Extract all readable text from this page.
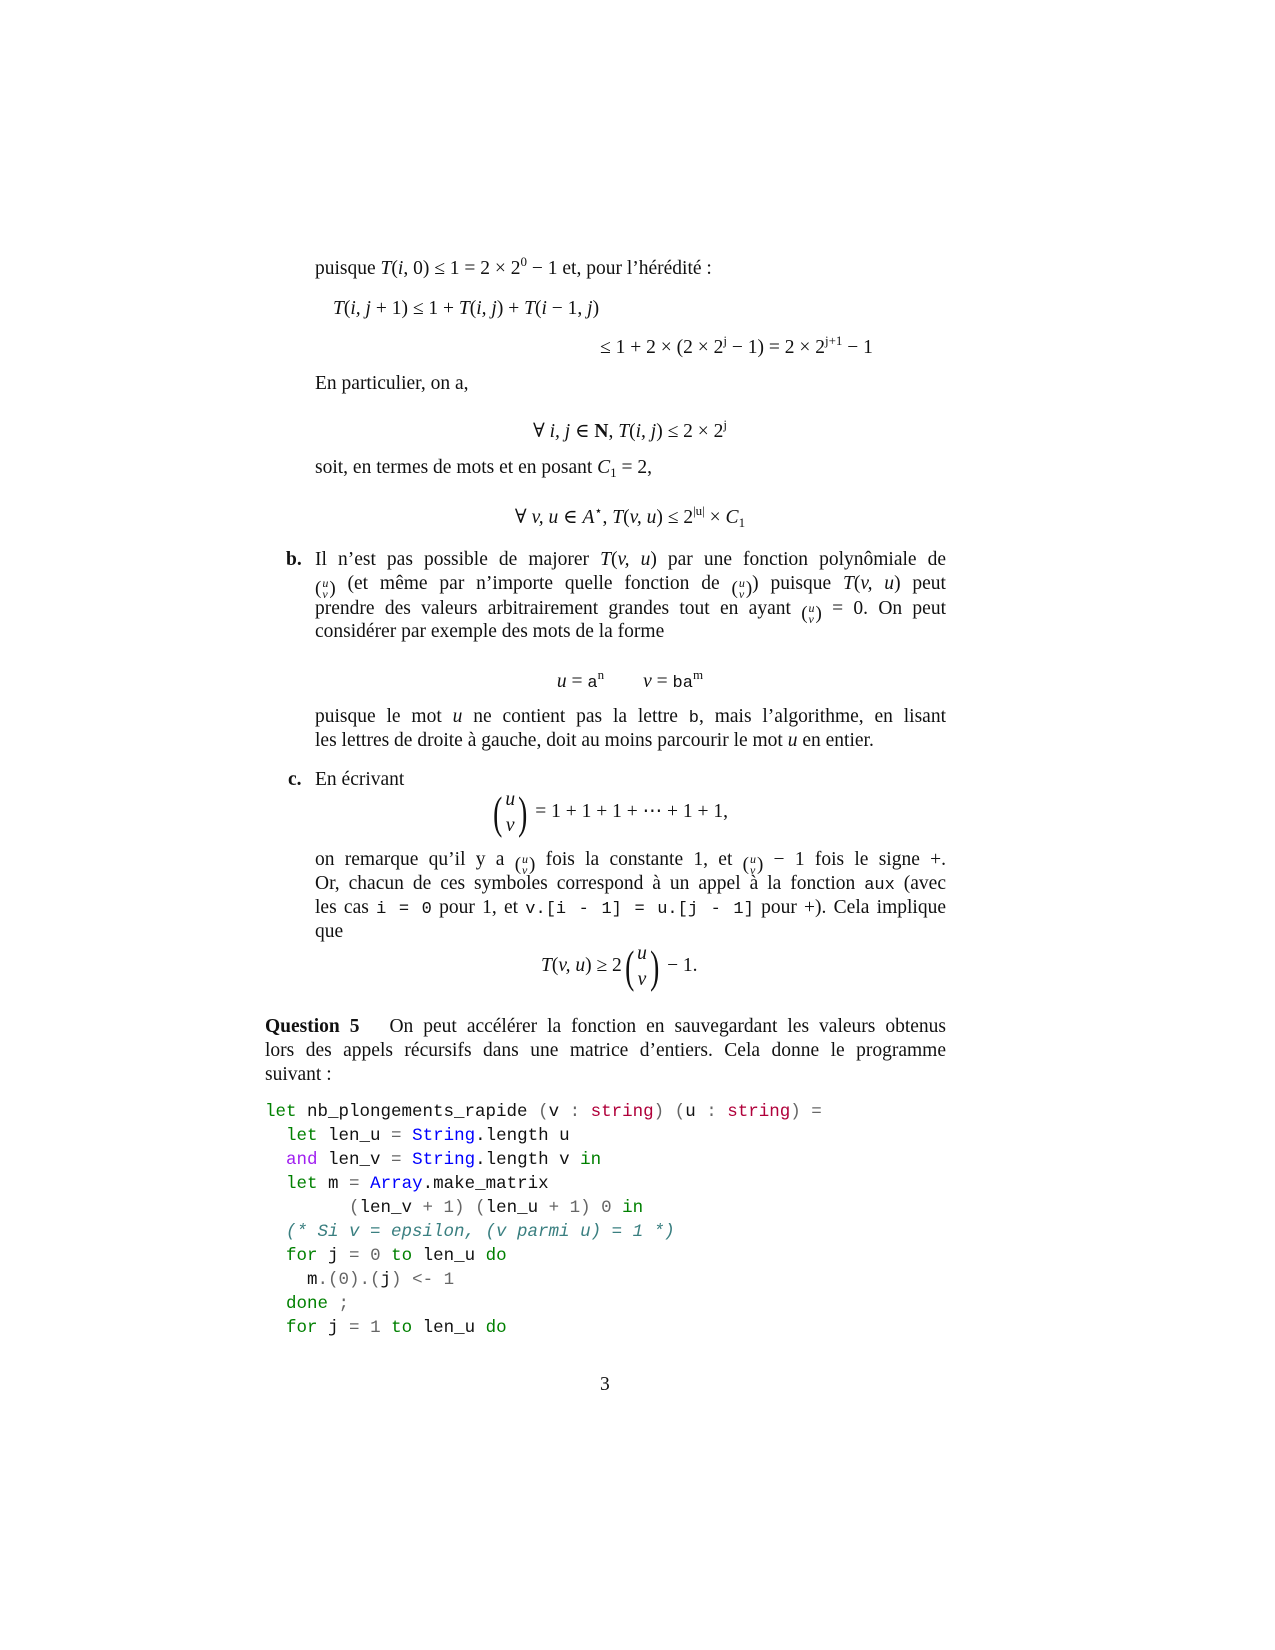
puisque T(i, $0) \le 1 = 2 \times 2^0 - 1$ et, pour l’hérédité :
T(i, j + 1) ≤ 1 + T(i, j) + T(i − 1, j)
≤ $1 + 2 \times (2 \times 2^j - 1) = 2 \times 2^{j+1} - 1$
En particulier, on a,
∀ i, j ∈ N, T(i, $j) \le 2 \times 2^j$
soit, en termes de mots et en posant $C_1 = 2$,
∀ v, u ∈ A⋆, T(v, $u) \le 2^{|u|} \times C_1$
b. Il n’est pas possible de majorer T(v, u) par une fonction polynômiale de
( u
v ) (et même par n’importe quelle fonction de ( u
v ) ) puisque T(v, u) peut
prendre des valeurs arbitrairement grandes tout en ayant ( u
v ) = 0. On peut
considérer par exemple des mots de la forme
$u = a^n$ $v = ba^m$
puisque le mot u ne contient pas la lettre b, mais l’algorithme, en lisant
les lettres de droite à gauche, doit au moins parcourir le mot u en entier.
c. En écrivant
( u
v ) = 1 + 1 + 1 + ⋯ + 1 + 1,
on remarque qu’il y a ( u
v ) fois la constante 1, et ( u
v ) − 1 fois le signe +.
Or, chacun de ces symboles correspond à un appel à la fonction aux (avec
les cas i = 0 pour 1, et v.[i - 1] = u.[j - 1] pour +). Cela implique
que
T(v, u) ≥ 2 ( u
v ) − 1.
Question 5   On peut accélérer la fonction en sauvegardant les valeurs obtenus
lors des appels récursifs dans une matrice d’entiers. Cela donne le programme
suivant :
let nb_plongements_rapide (v : string) (u : string) =
let len_u = String.length u
and len_v = String.length v in
let m = Array.make_matrix
(len_v + 1) (len_u + 1) 0 in
(* Si v = epsilon, (v parmi u) = 1 *)
for j = 0 to len_u do
m.(0).(j) <- 1
done ;
for j = 1 to len_u do
3
